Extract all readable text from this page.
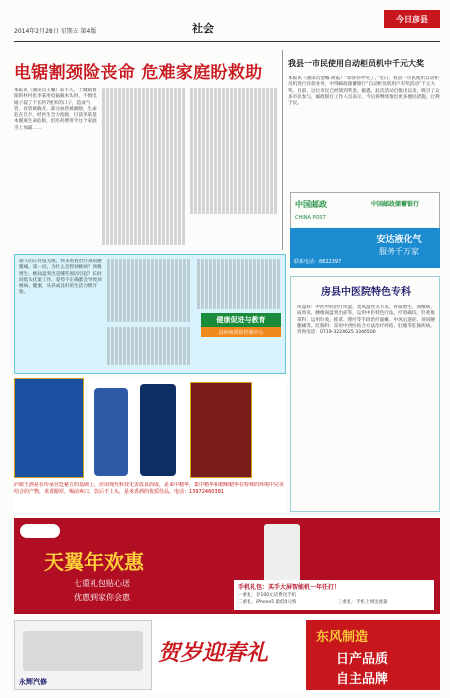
2014年2月28日 星期五 第4版	社会
今日彦县
电锯割颈险丧命 危难家庭盼救助
本报讯（通讯员王璐）前不久，土城镇鲁阳的村村民李某用电锯截木头时，不慎电锯子裂了个长约7厘米的口子，造成气管、食管被截开，部分血管被截断，生命危在旦夕，经医生全力抢救，目前李某基本脱离生命危险，但医药费用令这个家庭雪上加霜……
我县一市民使用自动柜员机中千元大奖
本报讯（通讯员金娜 胡霞）“恭喜你中奖了。”近日，我县一市民使用自动柜员机进行存款业务，中得邮政储蓄银行“自动柜员机用户有奖活动”千元大奖。目前，这位市民已经领到奖金。据悉，此次活动自推出以来，吸引了众多市民参与，邮政银行工作人员表示，今后将继续推出更多便民措施，让利于民。
感人的正骨值无限，快来看看治疗颈肩腰腿痛。第一问，为什么会得颈椎病？颈椎增生、椎间盘突出是哪些原因引起？长时间低头伏案工作、姿势不正确都会导致颈椎病。健康，从养成良好的生活习惯开始。
健康促进与教育
县疾病预防控制中心
庐陵王酒是在传承宫廷秘方的基础上，应用现代科技无害改良而成，是来中精华，集中精华和精缩精华在特殊的环境中完美结合的产物，米香醇厚，喝前爽口，饮后不上头，是米香酒的优质佳品。电话：13972460391
中国邮政
CHINA POST
中国邮政储蓄银行
安达液化气
服务千万家
联系电话：8822397
房县中医院特色专科
风湿科：中医中药治疗风湿、类风湿性关节炎、骨质增生、颈椎病、肩周炎、腰椎间盘突出症等，运用中医特色疗法，疗效确切。针灸推拿科：运用针灸、推拿、理疗等手段治疗面瘫、中风后遗症、颈肩腰腿痛等。肛肠科：采用中西医结合方法治疗痔疮、肛瘘等肛肠疾病。咨询电话：0719-3224625 3346500
天翼年欢惠
七重礼包贴心送
优惠到家你会惠
手机礼包：买手大屏智能机一年任打！
一重礼：存100元话费送手机
二重礼：iPhone5 最低0元购	三重礼：手机上网送流量
永辉汽修
贺岁迎春礼
东风制造
日产品质
自主品牌
